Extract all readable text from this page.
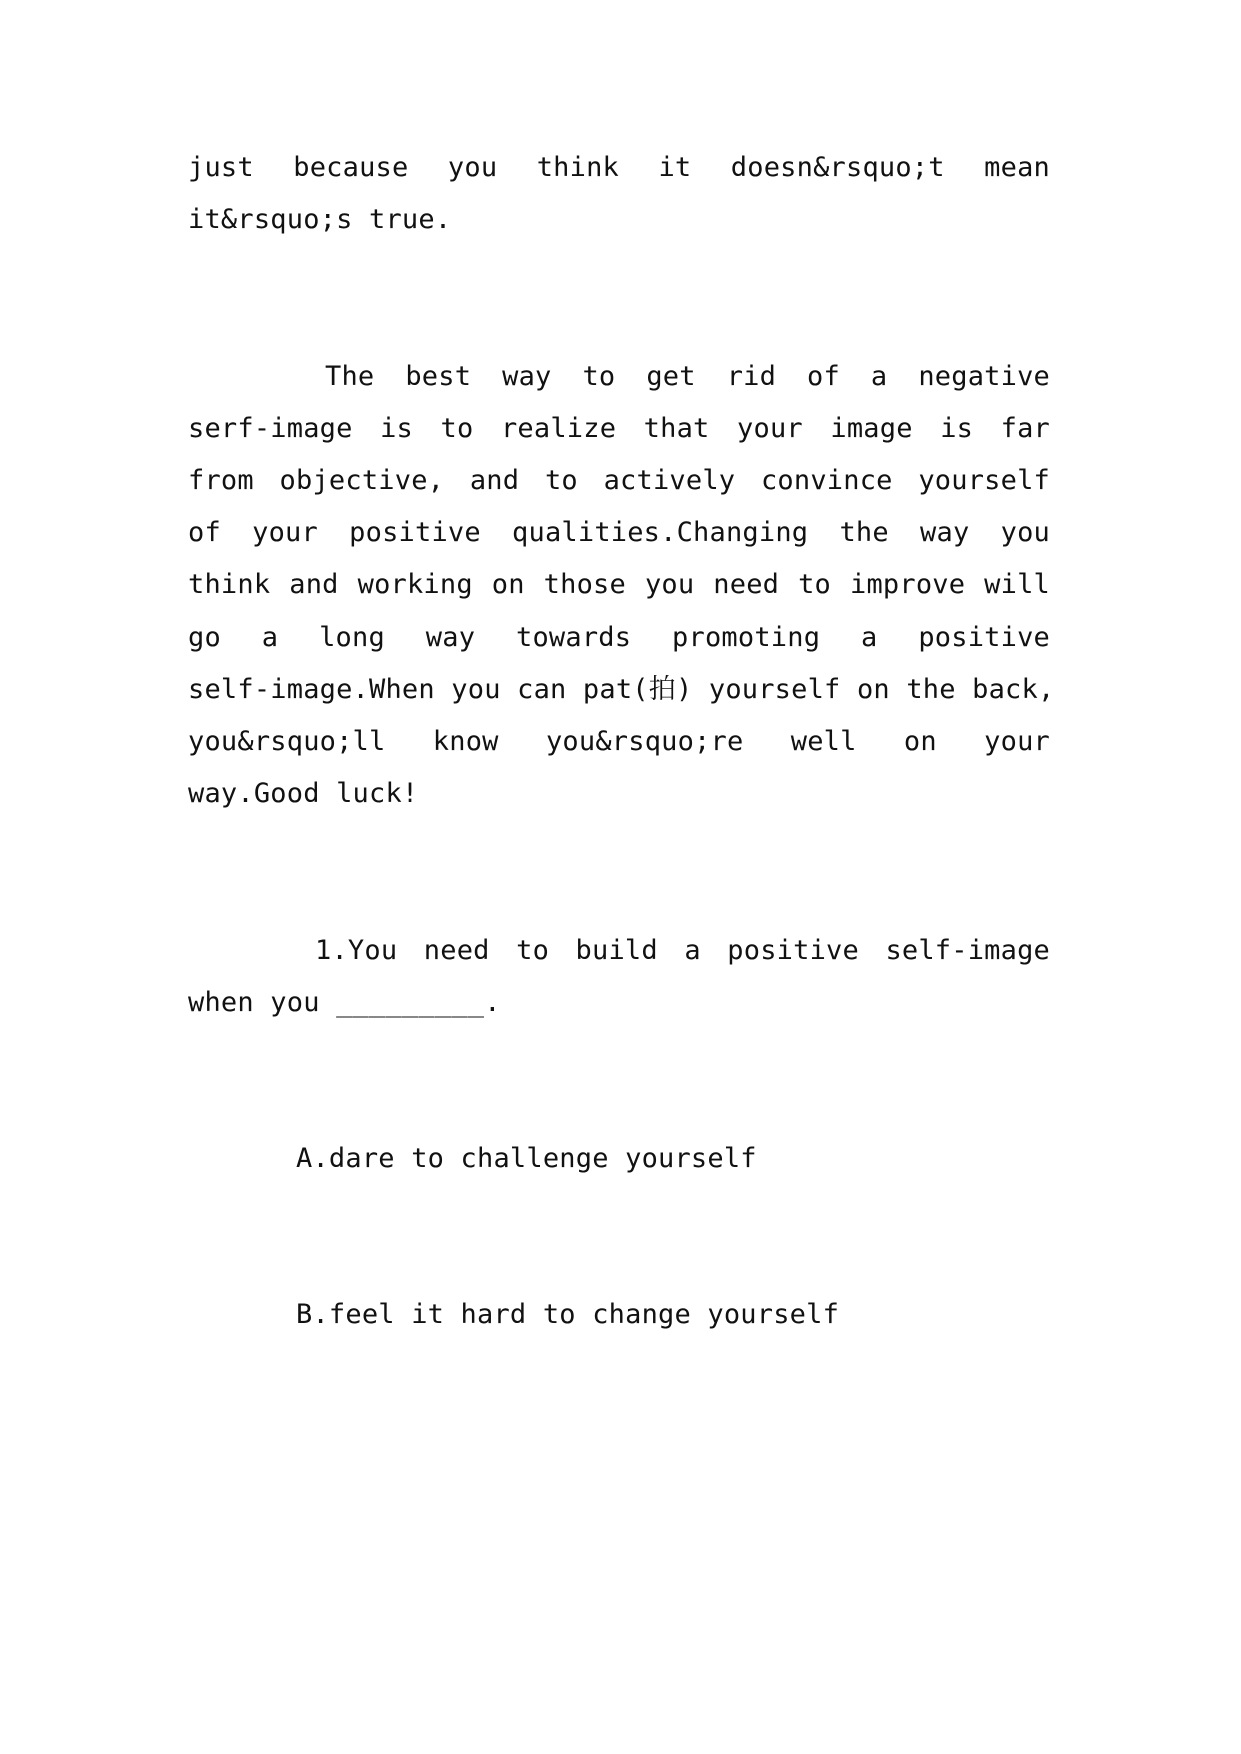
just because you think it doesn&rsquo;t mean
it&rsquo;s true.
The best way to get rid of a negative
serf-image is to realize that your image is far
from objective, and to actively convince yourself
of your positive qualities.Changing the way you
think and working on those you need to improve will
go a long way towards promoting a positive
self-image.When you can pat(拍) yourself on the back,
you&rsquo;ll know you&rsquo;re well on your
way.Good luck!
1.You need to build a positive self-image
when you _________.
A.dare to challenge yourself
B.feel it hard to change yourself
